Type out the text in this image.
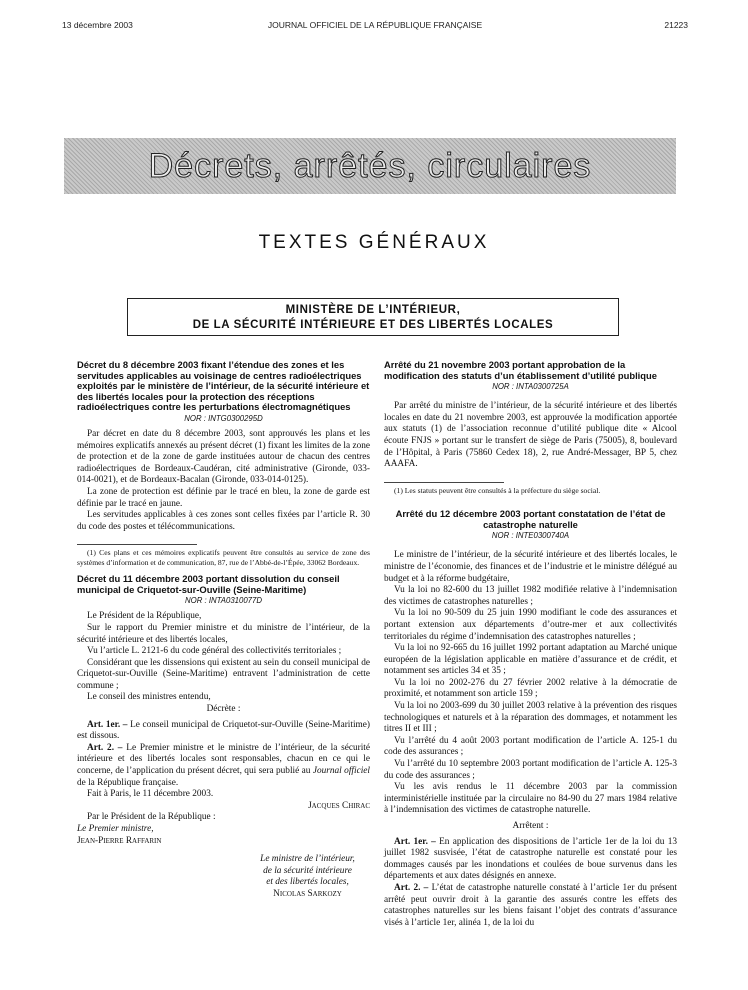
13 décembre 2003	JOURNAL OFFICIEL DE LA RÉPUBLIQUE FRANÇAISE	21223
Décrets, arrêtés, circulaires
TEXTES GÉNÉRAUX
MINISTÈRE DE L’INTÉRIEUR,
DE LA SÉCURITÉ INTÉRIEURE ET DES LIBERTÉS LOCALES
Décret du 8 décembre 2003 fixant l’étendue des zones et les servitudes applicables au voisinage de centres radioélectriques exploités par le ministère de l’intérieur, de la sécurité intérieure et des libertés locales pour la protection des réceptions radioélectriques contre les perturbations électromagnétiques
NOR : INTG0300295D

Par décret en date du 8 décembre 2003, sont approuvés les plans et les mémoires explicatifs annexés au présent décret (1) fixant les limites de la zone de protection et de la zone de garde instituées autour de chacun des centres radioélectriques de Bordeaux-Caudéran, cité administrative (Gironde, 033-014-0021), et de Bordeaux-Bacalan (Gironde, 033-014-0125).

La zone de protection est définie par le tracé en bleu, la zone de garde est définie par le tracé en jaune.

Les servitudes applicables à ces zones sont celles fixées par l’article R. 30 du code des postes et télécommunications.

(1) Ces plans et ces mémoires explicatifs peuvent être consultés au service de zone des systèmes d’information et de communication, 87, rue de l’Abbé-de-l’Épée, 33062 Bordeaux.

Décret du 11 décembre 2003 portant dissolution du conseil municipal de Criquetot-sur-Ouville (Seine-Maritime)
NOR : INTA0310077D

Le Président de la République,

Sur le rapport du Premier ministre et du ministre de l’intérieur, de la sécurité intérieure et des libertés locales,

Vu l’article L. 2121-6 du code général des collectivités territoriales ;

Considérant que les dissensions qui existent au sein du conseil municipal de Criquetot-sur-Ouville (Seine-Maritime) entravent l’administration de cette commune ;

Le conseil des ministres entendu,

Décrète :

Art. 1er. – Le conseil municipal de Criquetot-sur-Ouville (Seine-Maritime) est dissous.

Art. 2. – Le Premier ministre et le ministre de l’intérieur, de la sécurité intérieure et des libertés locales sont responsables, chacun en ce qui le concerne, de l’application du présent décret, qui sera publié au Journal officiel de la République française.

Fait à Paris, le 11 décembre 2003.

Jacques Chirac

Par le Président de la République :

Le Premier ministre,

Jean-Pierre Raffarin

Le ministre de l’intérieur,
de la sécurité intérieure
et des libertés locales,
Nicolas Sarkozy
Arrêté du 21 novembre 2003 portant approbation de la modification des statuts d’un établissement d’utilité publique
NOR : INTA0300725A

Par arrêté du ministre de l’intérieur, de la sécurité intérieure et des libertés locales en date du 21 novembre 2003, est approuvée la modification apportée aux statuts (1) de l’association reconnue d’utilité publique dite « Alcool écoute FNJS » portant sur le transfert de siège de Paris (75005), 8, boulevard de l’Hôpital, à Paris (75860 Cedex 18), 2, rue André-Messager, BP 5, chez AAAFA.

(1) Les statuts peuvent être consultés à la préfecture du siège social.

Arrêté du 12 décembre 2003 portant constatation de l’état de catastrophe naturelle
NOR : INTE0300740A

Le ministre de l’intérieur, de la sécurité intérieure et des libertés locales, le ministre de l’économie, des finances et de l’industrie et le ministre délégué au budget et à la réforme budgétaire,

Vu la loi no 82-600 du 13 juillet 1982 modifiée relative à l’indemnisation des victimes de catastrophes naturelles ;

Vu la loi no 90-509 du 25 juin 1990 modifiant le code des assurances et portant extension aux départements d’outre-mer et aux collectivités territoriales du régime d’indemnisation des catastrophes naturelles ;

Vu la loi no 92-665 du 16 juillet 1992 portant adaptation au Marché unique européen de la législation applicable en matière d’assurance et de crédit, et notamment ses articles 34 et 35 ;

Vu la loi no 2002-276 du 27 février 2002 relative à la démocratie de proximité, et notamment son article 159 ;

Vu la loi no 2003-699 du 30 juillet 2003 relative à la prévention des risques technologiques et naturels et à la réparation des dommages, et notamment les titres II et III ;

Vu l’arrêté du 4 août 2003 portant modification de l’article A. 125-1 du code des assurances ;

Vu l’arrêté du 10 septembre 2003 portant modification de l’article A. 125-3 du code des assurances ;

Vu les avis rendus le 11 décembre 2003 par la commission interministérielle instituée par la circulaire no 84-90 du 27 mars 1984 relative à l’indemnisation des victimes de catastrophe naturelle.

Arrêtent :

Art. 1er. – En application des dispositions de l’article 1er de la loi du 13 juillet 1982 susvisée, l’état de catastrophe naturelle est constaté pour les dommages causés par les inondations et coulées de boue survenus dans les départements et aux dates désignés en annexe.

Art. 2. – L’état de catastrophe naturelle constaté à l’article 1er du présent arrêté peut ouvrir droit à la garantie des assurés contre les effets des catastrophes naturelles sur les biens faisant l’objet des contrats d’assurance visés à l’article 1er, alinéa 1, de la loi du
